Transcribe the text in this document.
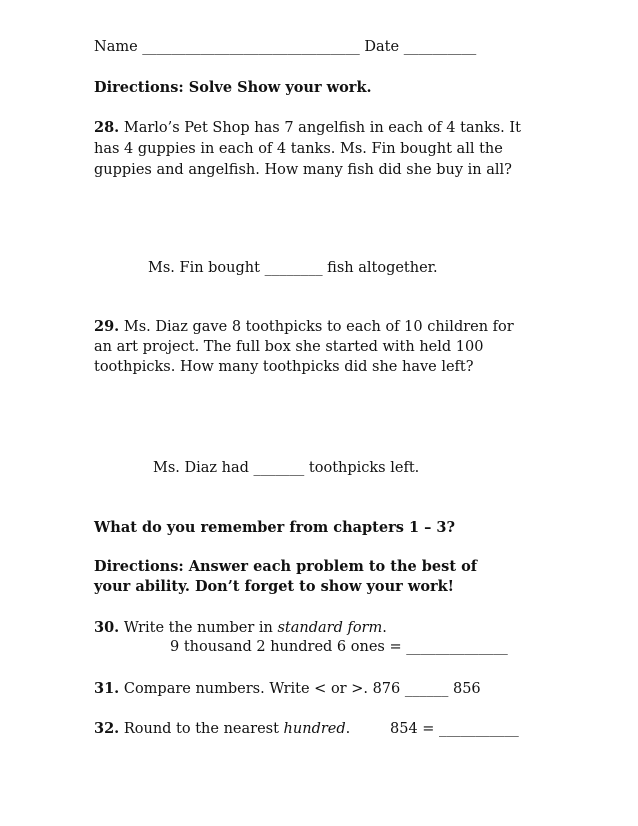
Name ______________________________ Date __________
Directions: Solve Show your work.
28. Marlo’s Pet Shop has 7 angelfish in each of 4 tanks. It
has 4 guppies in each of 4 tanks. Ms. Fin bought all the
guppies and angelfish. How many fish did she buy in all?
Ms. Fin bought ________ fish altogether.
29. Ms. Diaz gave 8 toothpicks to each of 10 children for
an art project. The full box she started with held 100
toothpicks. How many toothpicks did she have left?
Ms. Diaz had _______ toothpicks left.
What do you remember from chapters 1 – 3?
Directions: Answer each problem to the best of
your ability. Don’t forget to show your work!
30. Write the number in standard form.
9 thousand 2 hundred 6 ones = ______________
31. Compare numbers. Write < or >. 876 ______ 856
32. Round to the nearest hundred.	854 = ___________
